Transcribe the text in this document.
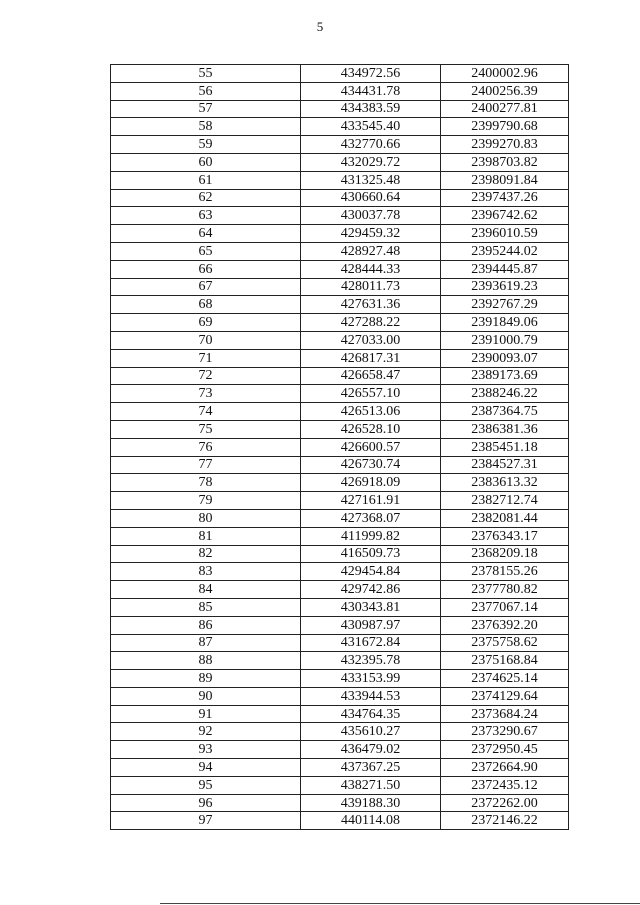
5
55	434972.56	2400002.96
56	434431.78	2400256.39
57	434383.59	2400277.81
58	433545.40	2399790.68
59	432770.66	2399270.83
60	432029.72	2398703.82
61	431325.48	2398091.84
62	430660.64	2397437.26
63	430037.78	2396742.62
64	429459.32	2396010.59
65	428927.48	2395244.02
66	428444.33	2394445.87
67	428011.73	2393619.23
68	427631.36	2392767.29
69	427288.22	2391849.06
70	427033.00	2391000.79
71	426817.31	2390093.07
72	426658.47	2389173.69
73	426557.10	2388246.22
74	426513.06	2387364.75
75	426528.10	2386381.36
76	426600.57	2385451.18
77	426730.74	2384527.31
78	426918.09	2383613.32
79	427161.91	2382712.74
80	427368.07	2382081.44
81	411999.82	2376343.17
82	416509.73	2368209.18
83	429454.84	2378155.26
84	429742.86	2377780.82
85	430343.81	2377067.14
86	430987.97	2376392.20
87	431672.84	2375758.62
88	432395.78	2375168.84
89	433153.99	2374625.14
90	433944.53	2374129.64
91	434764.35	2373684.24
92	435610.27	2373290.67
93	436479.02	2372950.45
94	437367.25	2372664.90
95	438271.50	2372435.12
96	439188.30	2372262.00
97	440114.08	2372146.22
